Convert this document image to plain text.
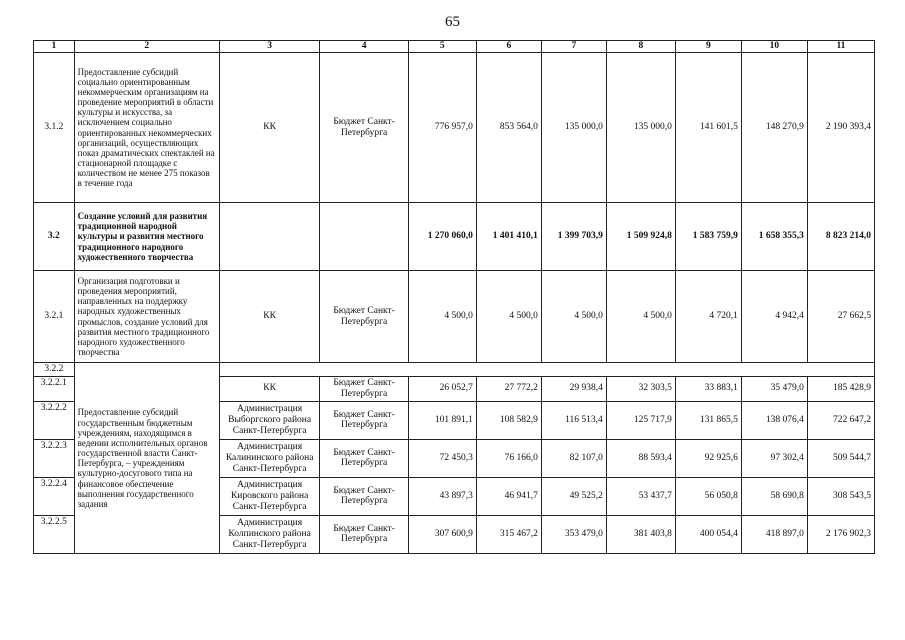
65
1	2	3	4	5	6	7	8	9	10	11
3.1.2	Предоставление субсидий социально ориентированным некоммерческим организациям на проведение мероприятий в области культуры и искусства, за исключением социально ориентированных некоммерческих организаций, осуществляющих показ драматических спектаклей на стационарной площадке с количеством не менее 275 показов в течение года	КК	Бюджет Санкт-Петербурга	776 957,0	853 564,0	135 000,0	135 000,0	141 601,5	148 270,9	2 190 393,4
3.2	Создание условий для развития традиционной народной культуры и развития местного традиционного народного художественного творчества			1 270 060,0	1 401 410,1	1 399 703,9	1 509 924,8	1 583 759,9	1 658 355,3	8 823 214,0
3.2.1	Организация подготовки и проведения мероприятий, направленных на поддержку народных художественных промыслов, создание условий для развития местного традиционного народного художественного творчества	КК	Бюджет Санкт-Петербурга	4 500,0	4 500,0	4 500,0	4 500,0	4 720,1	4 942,4	27 662,5
3.2.2	Предоставление субсидий государственным бюджетным учреждениям, находящимся в ведении исполнительных органов государственной власти Санкт-Петербурга, – учреждениям культурно-досугового типа на финансовое обеспечение выполнения государственного задания									
3.2.2.1		КК	Бюджет Санкт-Петербурга	26 052,7	27 772,2	29 938,4	32 303,5	33 883,1	35 479,0	185 428,9
3.2.2.2		Администрация Выборгского района Санкт-Петербурга	Бюджет Санкт-Петербурга	101 891,1	108 582,9	116 513,4	125 717,9	131 865,5	138 076,4	722 647,2
3.2.2.3		Администрация Калининского района Санкт-Петербурга	Бюджет Санкт-Петербурга	72 450,3	76 166,0	82 107,0	88 593,4	92 925,6	97 302,4	509 544,7
3.2.2.4		Администрация Кировского района Санкт-Петербурга	Бюджет Санкт-Петербурга	43 897,3	46 941,7	49 525,2	53 437,7	56 050,8	58 690,8	308 543,5
3.2.2.5		Администрация Колпинского района Санкт-Петербурга	Бюджет Санкт-Петербурга	307 600,9	315 467,2	353 479,0	381 403,8	400 054,4	418 897,0	2 176 902,3
